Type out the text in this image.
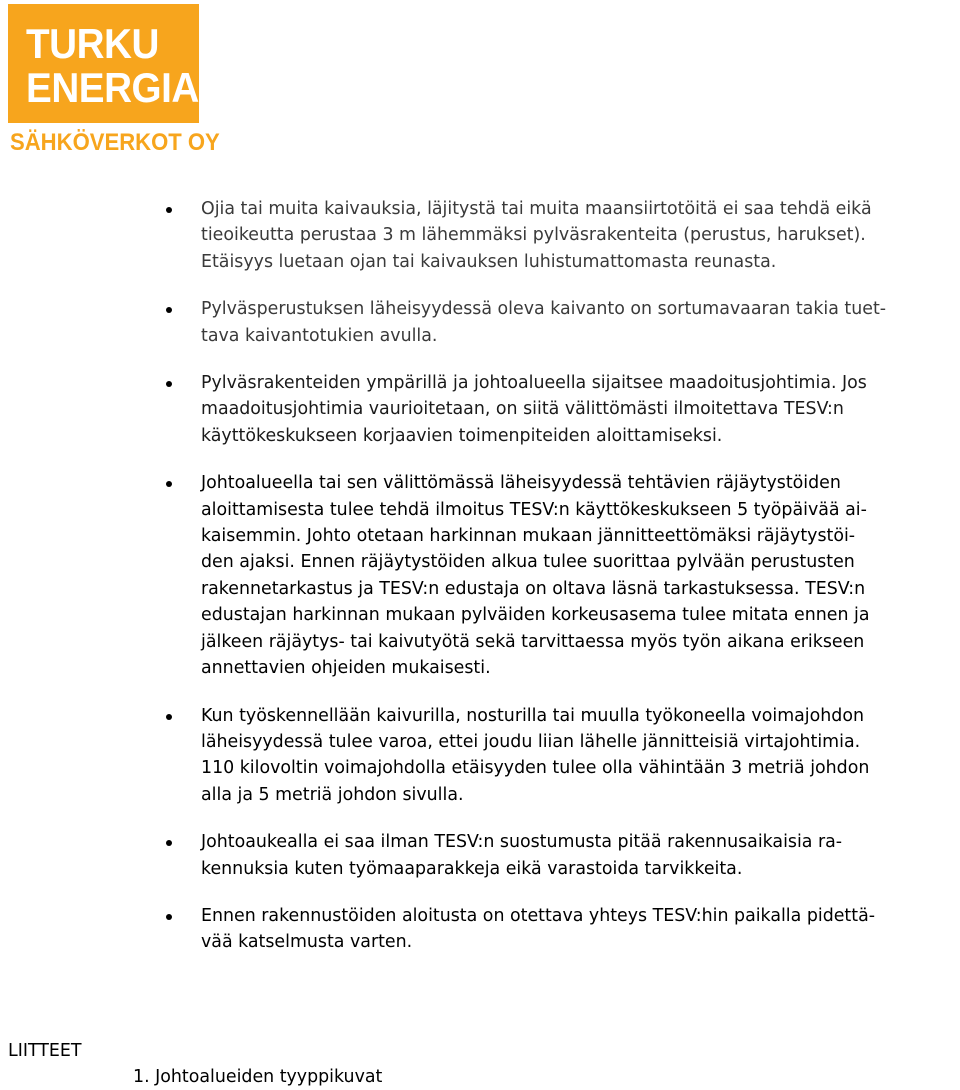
TURKU
ENERGIA
SÄHKÖVERKOT OY
Ojia tai muita kaivauksia, läjitystä tai muita maansiirtotöitä ei saa tehdä eikä
tieoikeutta perustaa 3 m lähemmäksi pylväsrakenteita (perustus, harukset).
Etäisyys luetaan ojan tai kaivauksen luhistumattomasta reunasta.
Pylväsperustuksen läheisyydessä oleva kaivanto on sortumavaaran takia tuet-
tava kaivantotukien avulla.
Pylväsrakenteiden ympärillä ja johtoalueella sijaitsee maadoitusjohtimia. Jos
maadoitusjohtimia vaurioitetaan, on siitä välittömästi ilmoitettava TESV:n
käyttökeskukseen korjaavien toimenpiteiden aloittamiseksi.
Johtoalueella tai sen välittömässä läheisyydessä tehtävien räjäytystöiden
aloittamisesta tulee tehdä ilmoitus TESV:n käyttökeskukseen 5 työpäivää ai-
kaisemmin. Johto otetaan harkinnan mukaan jännitteettömäksi räjäytystöi-
den ajaksi. Ennen räjäytystöiden alkua tulee suorittaa pylvään perustusten
rakennetarkastus ja TESV:n edustaja on oltava läsnä tarkastuksessa. TESV:n
edustajan harkinnan mukaan pylväiden korkeusasema tulee mitata ennen ja
jälkeen räjäytys- tai kaivutyötä sekä tarvittaessa myös työn aikana erikseen
annettavien ohjeiden mukaisesti.
Kun työskennellään kaivurilla, nosturilla tai muulla työkoneella voimajohdon
läheisyydessä tulee varoa, ettei joudu liian lähelle jännitteisiä virtajohtimia.
110 kilovoltin voimajohdolla etäisyyden tulee olla vähintään 3 metriä johdon
alla ja 5 metriä johdon sivulla.
Johtoaukealla ei saa ilman TESV:n suostumusta pitää rakennusaikaisia ra-
kennuksia kuten työmaaparakkeja eikä varastoida tarvikkeita.
Ennen rakennustöiden aloitusta on otettava yhteys TESV:hin paikalla pidettä-
vää katselmusta varten.
LIITTEET
1. Johtoalueiden tyyppikuvat
